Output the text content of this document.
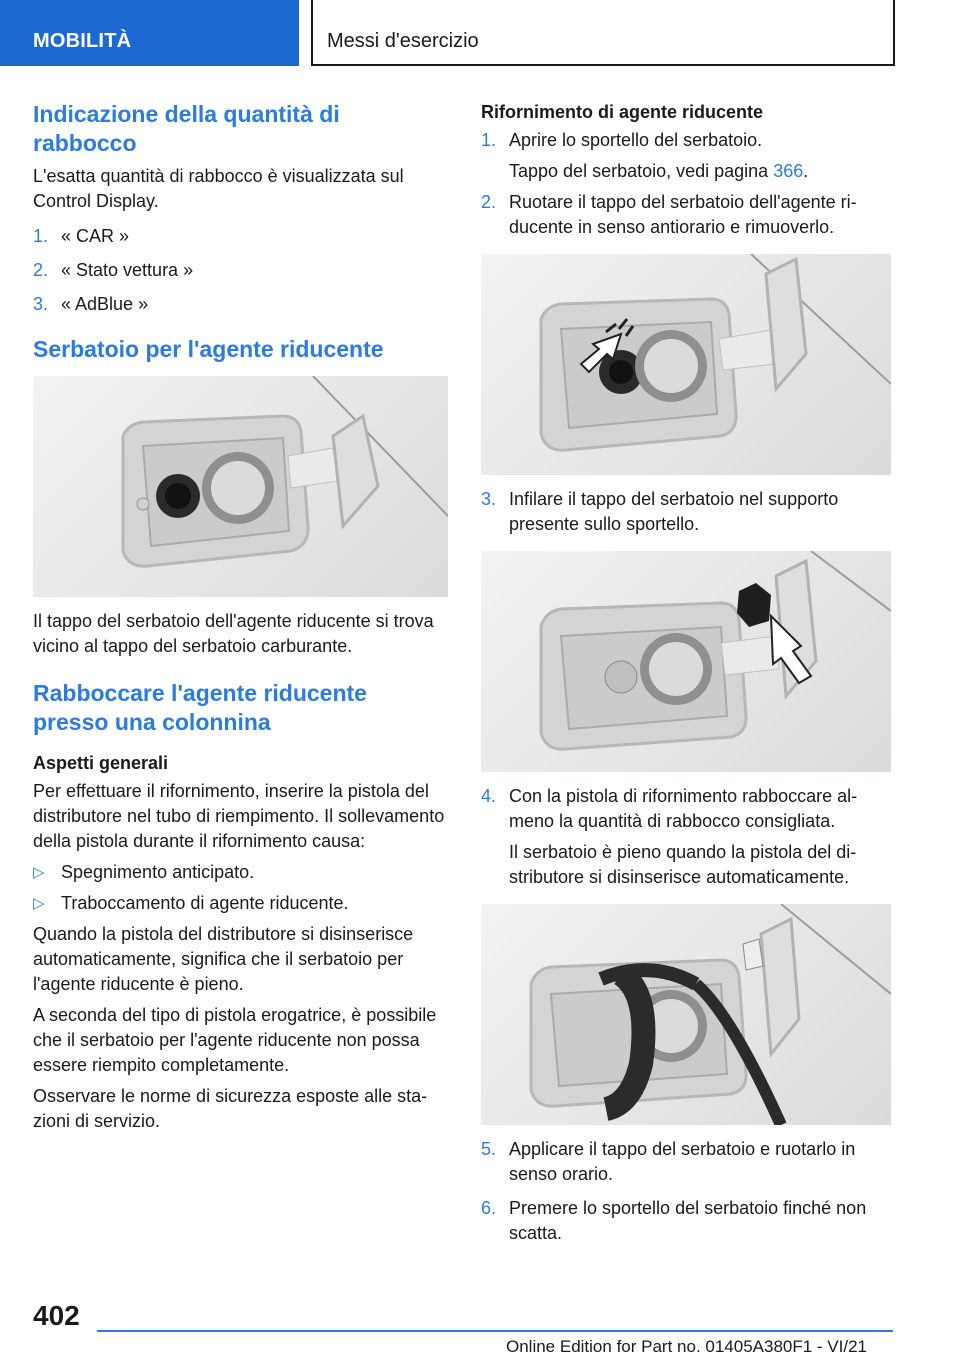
MOBILITÀ	Messi d'esercizio
Indicazione della quantità di rabbocco

L'esatta quantità di rabbocco è visualizzata sul Control Display.

1. « CAR »
2. « Stato vettura »
3. « AdBlue »
Serbatoio per l'agente riducente

Il tappo del serbatoio dell'agente riducente si trova vicino al tappo del serbatoio carburante.

Rabboccare l'agente riducente presso una colonnina
Aspetti generali

Per effettuare il rifornimento, inserire la pistola del distributore nel tubo di riempimento. Il sollevamento della pistola durante il rifornimento causa:

▷ Spegnimento anticipato.
▷ Traboccamento di agente riducente.

Quando la pistola del distributore si disinserisce automaticamente, significa che il serbatoio per l'agente riducente è pieno.

A seconda del tipo di pistola erogatrice, è possibile che il serbatoio per l'agente riducente non possa essere riempito completamente.

Osservare le norme di sicurezza esposte alle stazioni di servizio.

Rifornimento di agente riducente
1. Aprire lo sportello del serbatoio.
Tappo del serbatoio, vedi pagina 366.
2. Ruotare il tappo del serbatoio dell'agente riducente in senso antiorario e rimuoverlo.
3. Infilare il tappo del serbatoio nel supporto presente sullo sportello.
4. Con la pistola di rifornimento rabboccare almeno la quantità di rabbocco consigliata.
Il serbatoio è pieno quando la pistola del distributore si disinserisce automaticamente.
5. Applicare il tappo del serbatoio e ruotarlo in senso orario.
6. Premere lo sportello del serbatoio finché non scatta.
402
Online Edition for Part no. 01405A380F1 - VI/21
